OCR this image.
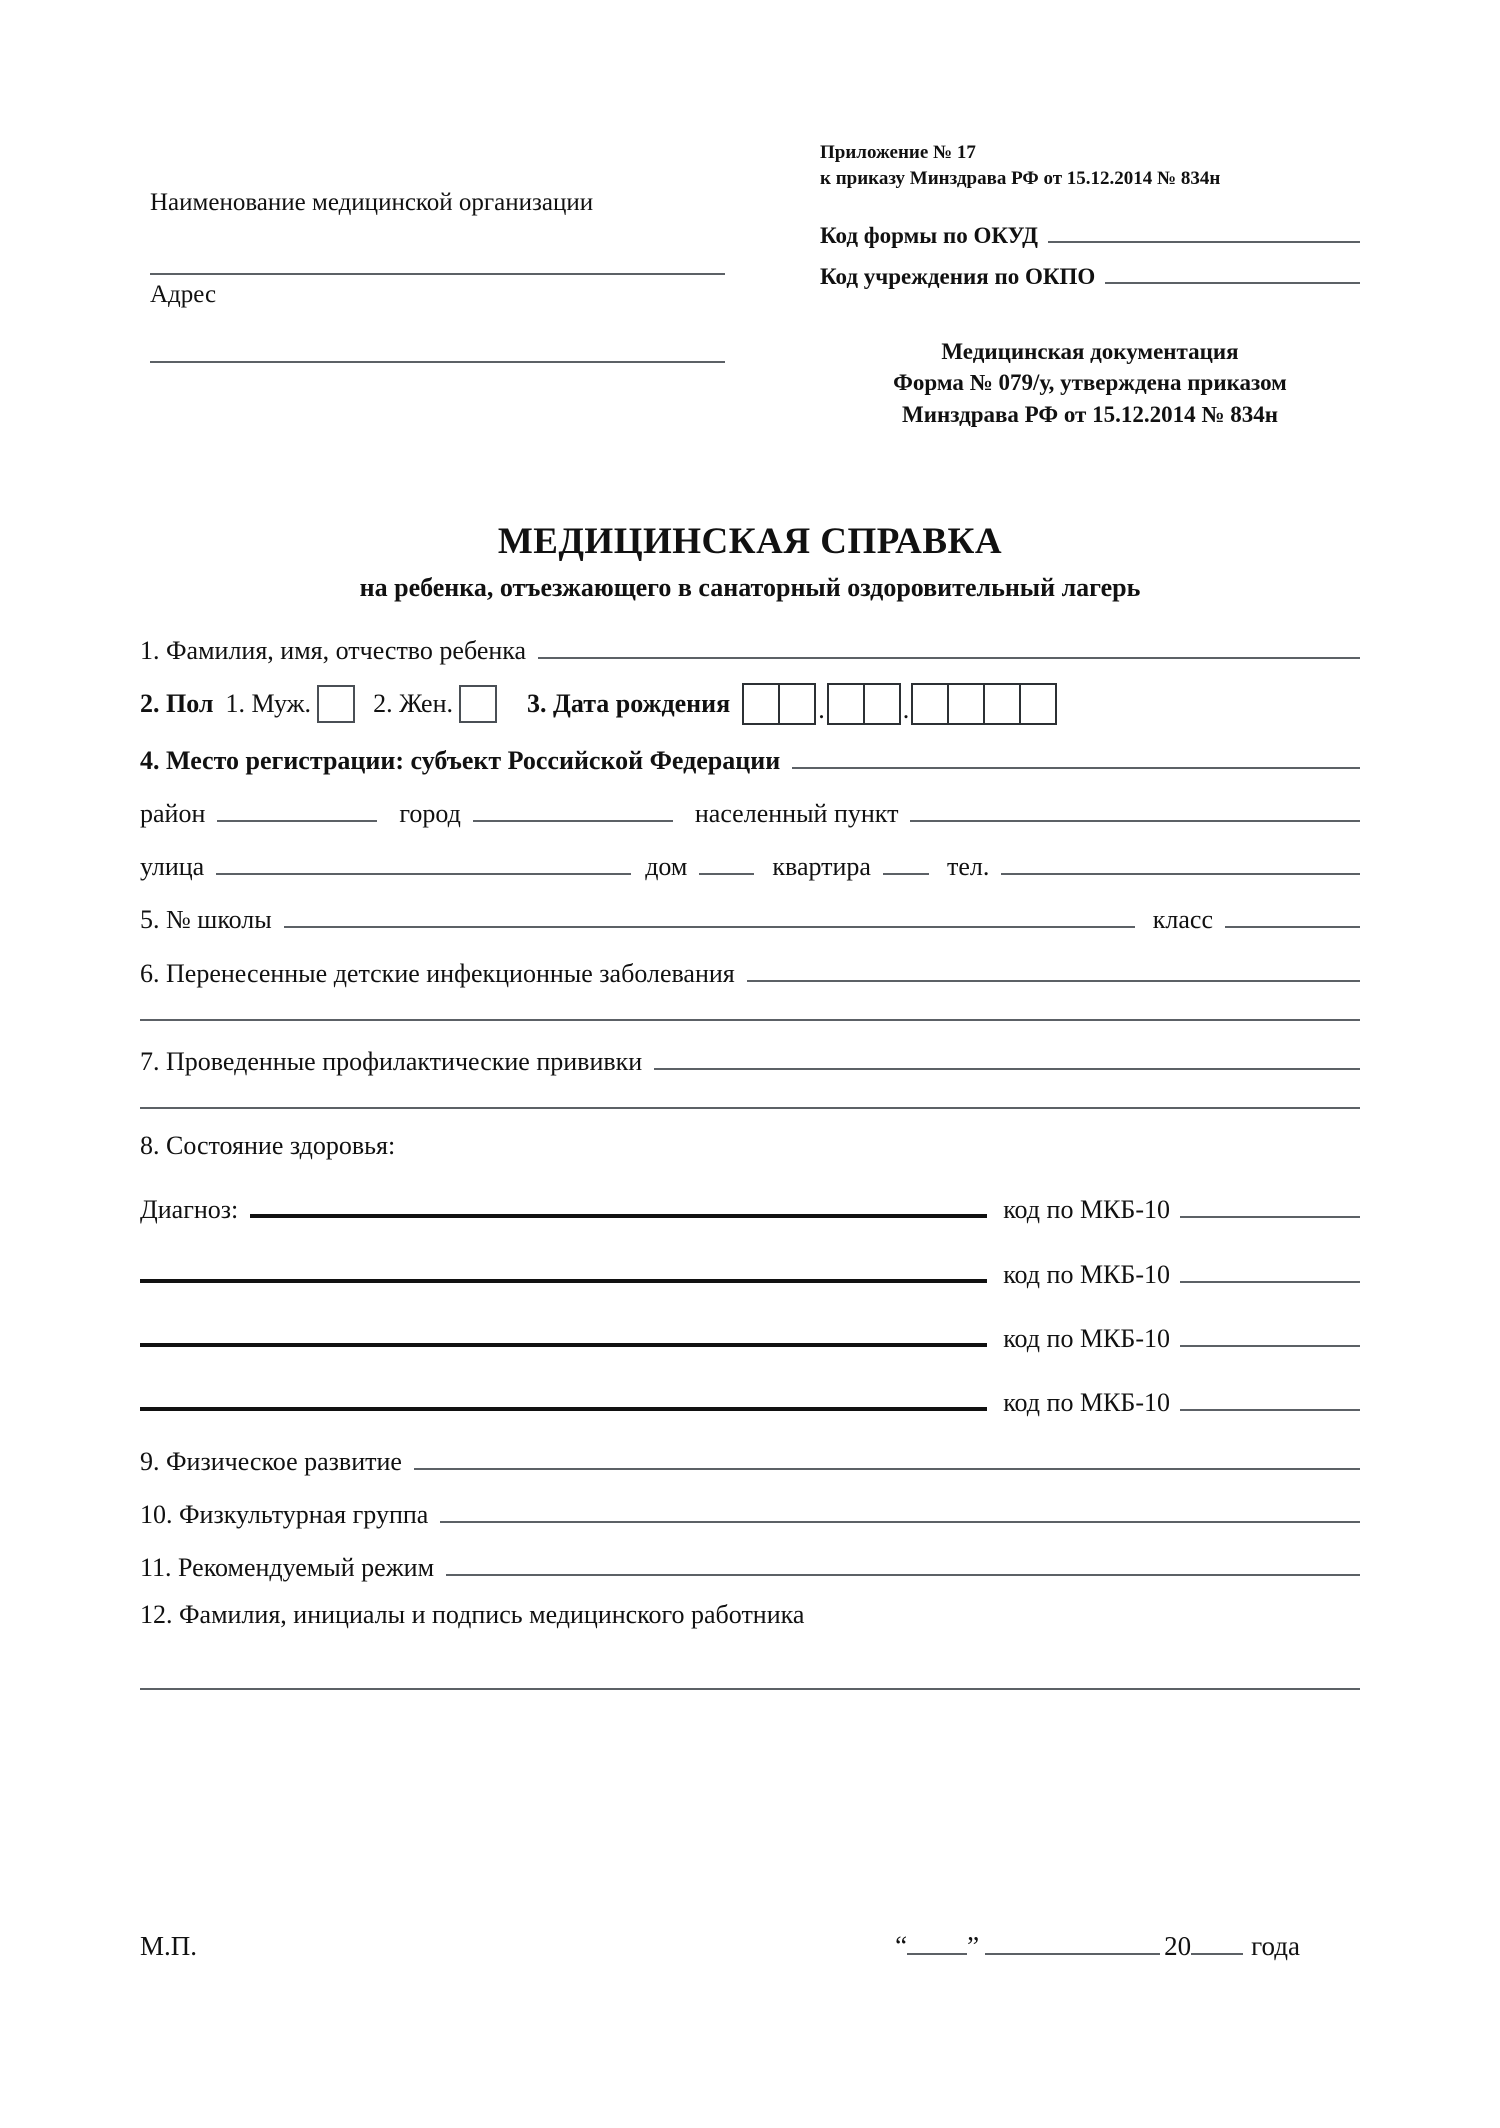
Наименование медицинской организации
Адрес
Приложение № 17
к приказу Минздрава РФ от 15.12.2014 № 834н
Код формы по ОКУД
Код учреждения по ОКПО
Медицинская документация
Форма № 079/у, утверждена приказом
Минздрава РФ от 15.12.2014 № 834н
МЕДИЦИНСКАЯ СПРАВКА
на ребенка, отъезжающего в санаторный оздоровительный лагерь
1. Фамилия, имя, отчество ребенка
2. Пол 1. Муж. 2. Жен.	3. Дата рождения	.	.
4. Место регистрации: субъект Российской Федерации
район	город	населенный пункт
улица	дом	квартира	тел.
5. № школы	класс
6. Перенесенные детские инфекционные заболевания
7. Проведенные профилактические прививки
8. Состояние здоровья:
Диагноз:	код по МКБ-10
код по МКБ-10
код по МКБ-10
код по МКБ-10
9. Физическое развитие
10. Физкультурная группа
11. Рекомендуемый режим
12. Фамилия, инициалы и подпись медицинского работника
М.П.	“ ”	20 года
